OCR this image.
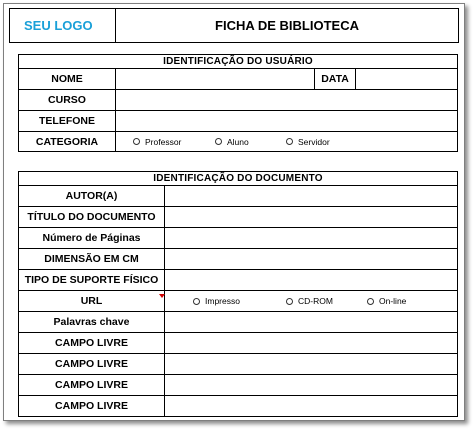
SEU LOGO	FICHA DE BIBLIOTECA
IDENTIFICAÇÃO DO USUÁRIO			
NOME		DATA	
CURSO			
TELEFONE			
CATEGORIA	Professor Aluno Servidor		
IDENTIFICAÇÃO DO DOCUMENTO	
AUTOR(A)	
TÍTULO DO DOCUMENTO	
Número de Páginas	
DIMENSÃO EM CM	
TIPO DE SUPORTE FÍSICO	
URL	Impresso CD-ROM On-line

Palavras chave	
CAMPO LIVRE	
CAMPO LIVRE	
CAMPO LIVRE	
CAMPO LIVRE	
